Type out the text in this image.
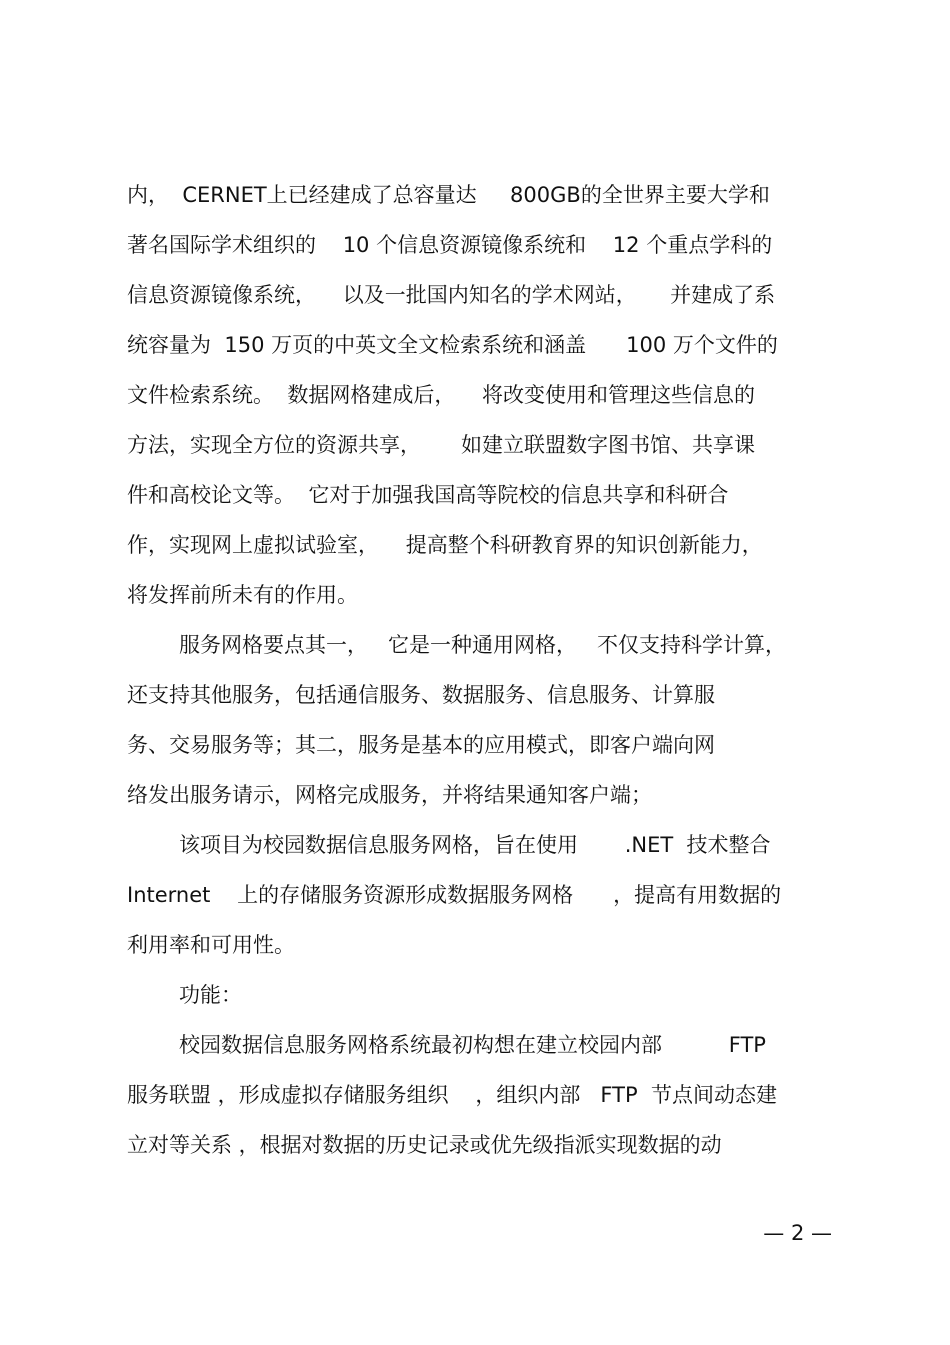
内，  CERNET上已经建成了总容量达     800GB的全世界主要大学和
著名国际学术组织的    10 个信息资源镜像系统和    12 个重点学科的
信息资源镜像系统，    以及一批国内知名的学术网站，     并建成了系
统容量为  150 万页的中英文全文检索系统和涵盖      100 万个文件的
文件检索系统。  数据网格建成后，    将改变使用和管理这些信息的
方法，实现全方位的资源共享，      如建立联盟数字图书馆、共享课
件和高校论文等。  它对于加强我国高等院校的信息共享和科研合
作，实现网上虚拟试验室，    提高整个科研教育界的知识创新能力，
将发挥前所未有的作用。
服务网格要点其一，   它是一种通用网格，   不仅支持科学计算，
还支持其他服务，包括通信服务、数据服务、信息服务、计算服
务、交易服务等；其二，服务是基本的应用模式，即客户端向网
络发出服务请示，网格完成服务，并将结果通知客户端；
该项目为校园数据信息服务网格，旨在使用       .NET  技术整合
Internet    上的存储服务资源形成数据服务网格      ，提高有用数据的
利用率和可用性。
功能：
校园数据信息服务网格系统最初构想在建立校园内部          FTP
服务联盟 ，形成虚拟存储服务组织    ，组织内部   FTP  节点间动态建
立对等关系 ，根据对数据的历史记录或优先级指派实现数据的动
— 2 —
